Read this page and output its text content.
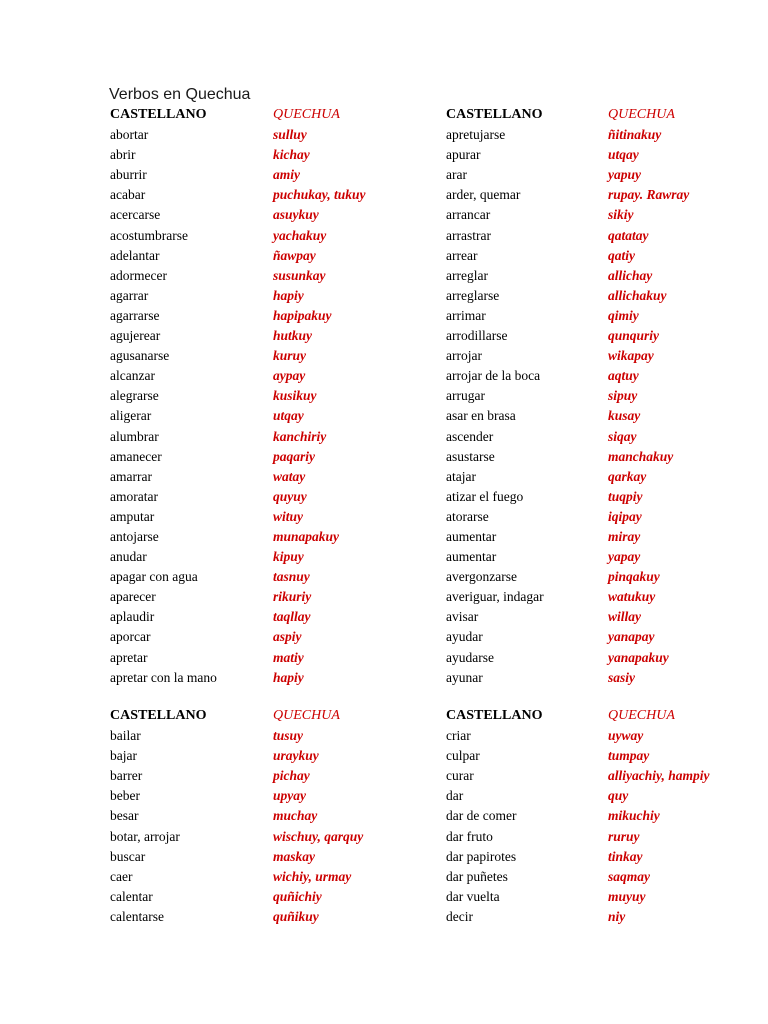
Verbos en Quechua
CASTELLANO
abortar
abrir
aburrir
acabar
acercarse
acostumbrarse
adelantar
adormecer
agarrar
agarrarse
agujerear
agusanarse
alcanzar
alegrarse
aligerar
alumbrar
amanecer
amarrar
amoratar
amputar
antojarse
anudar
apagar con agua
aparecer
aplaudir
aporcar
apretar
apretar con la mano
QUECHUA
sulluy
kichay
amiy
puchukay, tukuy
asuykuy
yachakuy
ñawpay
susunkay
hapiy
hapipakuy
hutkuy
kuruy
aypay
kusikuy
utqay
kanchiriy
paqariy
watay
quyuy
wituy
munapakuy
kipuy
tasnuy
rikuriy
taqllay
aspiy
matiy
hapiy
CASTELLANO
apretujarse
apurar
arar
arder, quemar
arrancar
arrastrar
arrear
arreglar
arreglarse
arrimar
arrodillarse
arrojar
arrojar de la boca
arrugar
asar en brasa
ascender
asustarse
atajar
atizar el fuego
atorarse
aumentar
aumentar
avergonzarse
averiguar, indagar
avisar
ayudar
ayudarse
ayunar
QUECHUA
ñitinakuy
utqay
yapuy
rupay. Rawray
sikiy
qatatay
qatiy
allichay
allichakuy
qimiy
qunquriy
wikapay
aqtuy
sipuy
kusay
siqay
manchakuy
qarkay
tuqpiy
iqipay
miray
yapay
pinqakuy
watukuy
willay
yanapay
yanapakuy
sasiy
CASTELLANO
bailar
bajar
barrer
beber
besar
botar, arrojar
buscar
caer
calentar
calentarse
QUECHUA
tusuy
uraykuy
pichay
upyay
muchay
wischuy, qarquy
maskay
wichiy, urmay
quñichiy
quñikuy
CASTELLANO
criar
culpar
curar
dar
dar de comer
dar fruto
dar papirotes
dar puñetes
dar vuelta
decir
QUECHUA
uyway
tumpay
alliyachiy, hampiy
quy
mikuchiy
ruruy
tinkay
saqmay
muyuy
niy
